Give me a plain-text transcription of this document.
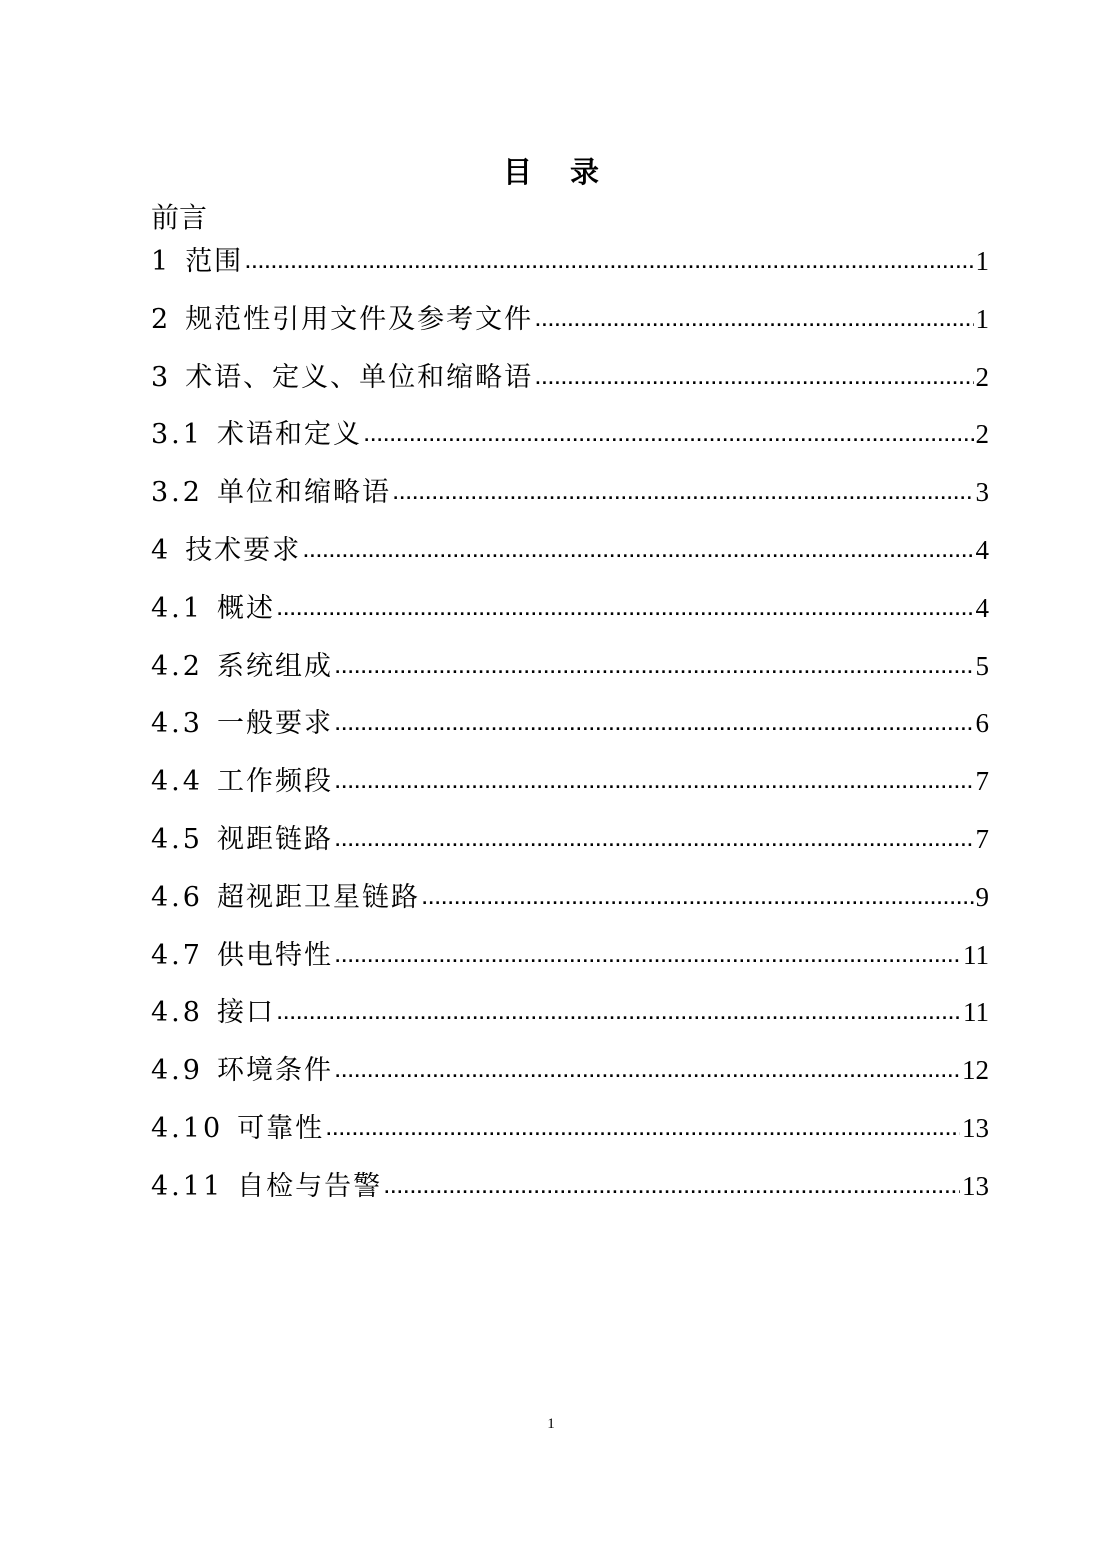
目 录

前言

1 范围 .....	1
2 规范性引用文件及参考文件 .....	1
3 术语、定义、单位和缩略语 .....	2
3.1 术语和定义 .....	2
3.2 单位和缩略语 .....	3
4 技术要求 .....	4
4.1 概述 .....	4
4.2 系统组成 .....	5
4.3 一般要求 .....	6
4.4 工作频段 .....	7
4.5 视距链路 .....	7
4.6 超视距卫星链路 .....	9
4.7 供电特性 .....	11
4.8 接口 .....	11
4.9 环境条件 .....	12
4.10 可靠性 .....	13
4.11 自检与告警 .....	13

1
